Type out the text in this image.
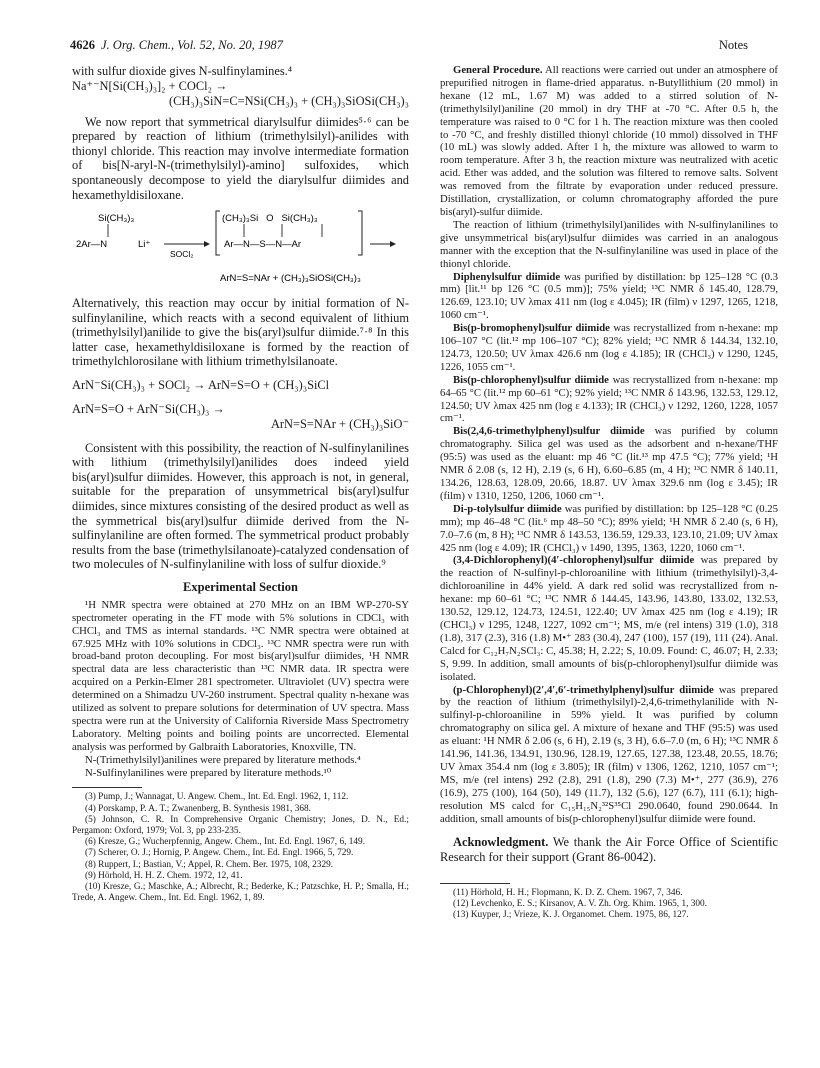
4626 J. Org. Chem., Vol. 52, No. 20, 1987	Notes

with sulfur dioxide gives N-sulfinylamines.⁴

Na⁺⁻N[Si(CH₃)₃]₂ + COCl₂ →
(CH₃)₃SiN=C=NSi(CH₃)₃ + (CH₃)₃SiOSi(CH₃)₃

We now report that symmetrical diarylsulfur diimides⁵·⁶ can be prepared by reaction of lithium (trimethylsilyl)-anilides with thionyl chloride. This reaction may involve intermediate formation of bis[N-aryl-N-(trimethylsilyl)-amino] sulfoxides, which spontaneously decompose to yield the diarylsulfur diimides and hexamethyldisiloxane.

Si(CH₃)₃
2Ar—N	Li⁺
SOCl₂
(CH₃)₃Si   O   Si(CH₃)₃
Ar—N—S—N—Ar
ArN=S=NAr + (CH₃)₃SiOSi(CH₃)₃

Alternatively, this reaction may occur by initial formation of N-sulfinylaniline, which reacts with a second equivalent of lithium (trimethylsilyl)anilide to give the bis(aryl)sulfur diimide.⁷·⁸ In this latter case, hexamethyldisiloxane is formed by the reaction of trimethylchlorosilane with lithium trimethylsilanoate.

ArN⁻Si(CH₃)₃ + SOCl₂ → ArN=S=O + (CH₃)₃SiCl
ArN=S=O + ArN⁻Si(CH₃)₃ →
ArN=S=NAr + (CH₃)₃SiO⁻

Consistent with this possibility, the reaction of N-sulfinylanilines with lithium (trimethylsilyl)anilides does indeed yield bis(aryl)sulfur diimides. However, this approach is not, in general, suitable for the preparation of unsymmetrical bis(aryl)sulfur diimides, since mixtures consisting of the desired product as well as the symmetrical bis(aryl)sulfur diimide derived from the N-sulfinylaniline are often formed. The symmetrical product probably results from the base (trimethylsilanoate)-catalyzed condensation of two molecules of N-sulfinylaniline with loss of sulfur dioxide.⁹

Experimental Section

¹H NMR spectra were obtained at 270 MHz on an IBM WP-270-SY spectrometer operating in the FT mode with 5% solutions in CDCl₃ with CHCl₃ and TMS as internal standards. ¹³C NMR spectra were obtained at 67.925 MHz with 10% solutions in CDCl₃. ¹³C NMR spectra were run with broad-band proton decoupling. For most bis(aryl)sulfur diimides, ¹H NMR spectral data are less characteristic than ¹³C NMR data. IR spectra were acquired on a Perkin-Elmer 281 spectrometer. Ultraviolet (UV) spectra were determined on a Shimadzu UV-260 instrument. Spectral quality n-hexane was utilized as solvent to prepare solutions for determination of UV spectra. Mass spectra were run at the University of California Riverside Mass Spectrometry Laboratory. Melting points and boiling points are uncorrected. Elemental analysis was performed by Galbraith Laboratories, Knoxville, TN.

N-(Trimethylsilyl)anilines were prepared by literature methods.⁴

N-Sulfinylanilines were prepared by literature methods.¹⁰

(3) Pump, J.; Wannagat, U. Angew. Chem., Int. Ed. Engl. 1962, 1, 112.

(4) Porskamp, P. A. T.; Zwanenberg, B. Synthesis 1981, 368.

(5) Johnson, C. R. In Comprehensive Organic Chemistry; Jones, D. N., Ed.; Pergamon: Oxford, 1979; Vol. 3, pp 233-235.

(6) Kresze, G.; Wucherpfennig, Angew. Chem., Int. Ed. Engl. 1967, 6, 149.

(7) Scherer, O. J.; Hornig, P. Angew. Chem., Int. Ed. Engl. 1966, 5, 729.

(8) Ruppert, I.; Bastian, V.; Appel, R. Chem. Ber. 1975, 108, 2329.

(9) Hörhold, H. H. Z. Chem. 1972, 12, 41.

(10) Kresze, G.; Maschke, A.; Albrecht, R.; Bederke, K.; Patzschke, H. P.; Smalla, H.; Trede, A. Angew. Chem., Int. Ed. Engl. 1962, 1, 89.

General Procedure. All reactions were carried out under an atmosphere of prepurified nitrogen in flame-dried apparatus. n-Butyllithium (20 mmol) in hexane (12 mL, 1.67 M) was added to a stirred solution of N-(trimethylsilyl)aniline (20 mmol) in dry THF at -70 °C. After 0.5 h, the temperature was raised to 0 °C for 1 h. The reaction mixture was then cooled to -70 °C, and freshly distilled thionyl chloride (10 mmol) dissolved in THF (10 mL) was slowly added. After 1 h, the mixture was allowed to warm to room temperature. After 3 h, the reaction mixture was neutralized with acetic acid. Ether was added, and the solution was filtered to remove salts. Solvent was removed from the filtrate by evaporation under reduced pressure. Distillation, crystallization, or column chromatography afforded the pure bis(aryl)-sulfur diimide.

The reaction of lithium (trimethylsilyl)anilides with N-sulfinylanilines to give unsymmetrical bis(aryl)sulfur diimides was carried in an analogous manner with the exception that the N-sulfinylaniline was used in place of the thionyl chloride.

Diphenylsulfur diimide was purified by distillation: bp 125–128 °C (0.3 mm) [lit.¹¹ bp 126 °C (0.5 mm)]; 75% yield; ¹³C NMR δ 145.40, 128.79, 126.69, 123.10; UV λmax 411 nm (log ε 4.045); IR (film) ν 1297, 1265, 1218, 1060 cm⁻¹.

Bis(p-bromophenyl)sulfur diimide was recrystallized from n-hexane: mp 106–107 °C (lit.¹² mp 106–107 °C); 82% yield; ¹³C NMR δ 144.34, 132.10, 124.73, 120.50; UV λmax 426.6 nm (log ε 4.185); IR (CHCl₃) ν 1290, 1245, 1226, 1055 cm⁻¹.

Bis(p-chlorophenyl)sulfur diimide was recrystallized from n-hexane: mp 64–65 °C (lit.¹² mp 60–61 °C); 92% yield; ¹³C NMR δ 143.96, 132.53, 129.12, 124.50; UV λmax 425 nm (log ε 4.133); IR (CHCl₃) ν 1292, 1260, 1228, 1057 cm⁻¹.

Bis(2,4,6-trimethylphenyl)sulfur diimide was purified by column chromatography. Silica gel was used as the adsorbent and n-hexane/THF (95:5) was used as the eluant: mp 46 °C (lit.¹³ mp 47.5 °C); 77% yield; ¹H NMR δ 2.08 (s, 12 H), 2.19 (s, 6 H), 6.60–6.85 (m, 4 H); ¹³C NMR δ 140.11, 134.26, 128.63, 128.09, 20.66, 18.87. UV λmax 329.6 nm (log ε 3.45); IR (film) ν 1310, 1250, 1206, 1060 cm⁻¹.

Di-p-tolylsulfur diimide was purified by distillation: bp 125–128 °C (0.25 mm); mp 46–48 °C (lit.⁶ mp 48–50 °C); 89% yield; ¹H NMR δ 2.40 (s, 6 H), 7.0–7.6 (m, 8 H); ¹³C NMR δ 143.53, 136.59, 129.33, 123.10, 21.09; UV λmax 425 nm (log ε 4.09); IR (CHCl₃) ν 1490, 1395, 1363, 1220, 1060 cm⁻¹.

(3,4-Dichlorophenyl)(4′-chlorophenyl)sulfur diimide was prepared by the reaction of N-sulfinyl-p-chloroaniline with lithium (trimethylsilyl)-3,4-dichloroaniline in 44% yield. A dark red solid was recrystallized from n-hexane: mp 60–61 °C; ¹³C NMR δ 144.45, 143.96, 143.80, 133.02, 132.53, 130.52, 129.12, 124.73, 124.51, 122.40; UV λmax 425 nm (log ε 4.19); IR (CHCl₃) ν 1295, 1248, 1227, 1092 cm⁻¹; MS, m/e (rel intens) 319 (1.0), 318 (1.8), 317 (2.3), 316 (1.8) M•⁺ 283 (30.4), 247 (100), 157 (19), 111 (24). Anal. Calcd for C₁₂H₇N₂SCl₃: C, 45.38; H, 2.22; S, 10.09. Found: C, 46.07; H, 2.33; S, 9.99. In addition, small amounts of bis(p-chlorophenyl)sulfur diimide was isolated.

(p-Chlorophenyl)(2′,4′,6′-trimethylphenyl)sulfur diimide was prepared by the reaction of lithium (trimethylsilyl)-2,4,6-trimethylanilide with N-sulfinyl-p-chloroaniline in 59% yield. It was purified by column chromatography on silica gel. A mixture of hexane and THF (95:5) was used as eluant: ¹H NMR δ 2.06 (s, 6 H), 2.19 (s, 3 H), 6.6–7.0 (m, 6 H); ¹³C NMR δ 141.96, 141.36, 134.91, 130.96, 128.19, 127.65, 127.38, 123.48, 20.55, 18.76; UV λmax 354.4 nm (log ε 3.805); IR (film) ν 1306, 1262, 1210, 1057 cm⁻¹; MS, m/e (rel intens) 292 (2.8), 291 (1.8), 290 (7.3) M•⁺, 277 (36.9), 276 (16.9), 275 (100), 164 (50), 149 (11.7), 132 (5.6), 127 (6.7), 111 (6.1); high-resolution MS calcd for C₁₅H₁₅N₂³²S³⁵Cl 290.0640, found 290.0644. In addition, small amounts of bis(p-chlorophenyl)sulfur diimide were found.

Acknowledgment. We thank the Air Force Office of Scientific Research for their support (Grant 86-0042).

(11) Hörhold, H. H.; Flopmann, K. D. Z. Chem. 1967, 7, 346.

(12) Levchenko, E. S.; Kirsanov, A. V. Zh. Org. Khim. 1965, 1, 300.

(13) Kuyper, J.; Vrieze, K. J. Organomet. Chem. 1975, 86, 127.
